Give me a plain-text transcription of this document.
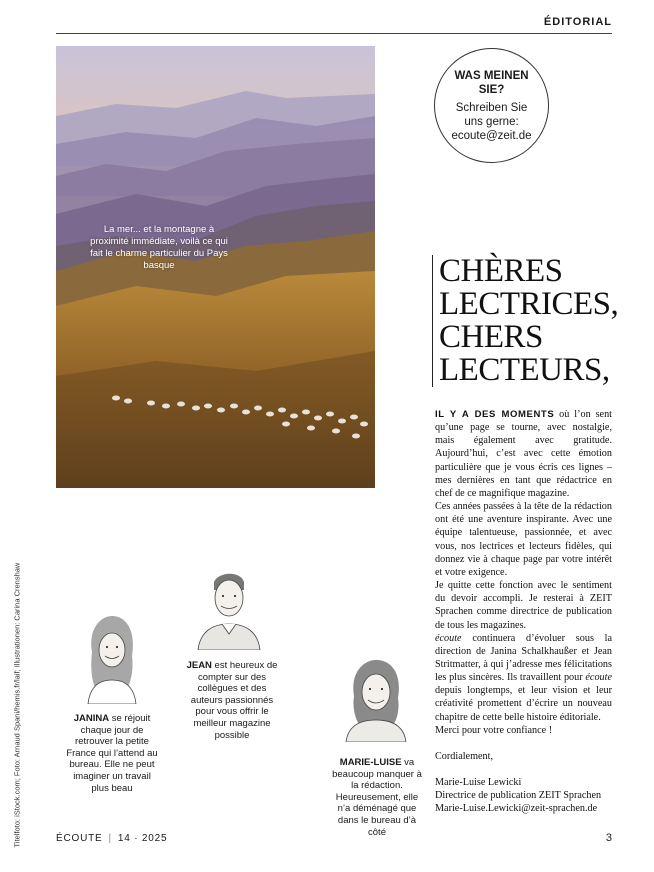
ÉDITORIAL
La mer... et la montagne à proximité immédiate, voilà ce qui fait le charme particulier du Pays basque
WAS MEINEN SIE?
Schreiben Sie
uns gerne:
ecoute@zeit.de
CHÈRES
LECTRICES,
CHERS
LECTEURS,

IL Y A DES MOMENTS où l’on sent qu’une page se tourne, avec nostalgie, mais également avec gratitude. Aujourd’hui, c’est avec cette émotion particulière que je vous écris ces lignes – mes dernières en tant que rédactrice en chef de ce magnifique magazine.

Ces années passées à la tête de la rédaction ont été une aventure inspirante. Avec une équipe talentueuse, passionnée, et avec vous, nos lectrices et lecteurs fidèles, qui donnez vie à chaque page par votre intérêt et votre exigence.

Je quitte cette fonction avec le sentiment du devoir accompli. Je resterai à ZEIT Sprachen comme directrice de publication de tous les magazines.

écoute continuera d’évoluer sous la direction de Janina Schalkhaußer et Jean Stritmatter, à qui j’adresse mes félicitations les plus sincères. Ils travaillent pour écoute depuis longtemps, et leur vision et leur créativité promettent d’écrire un nouveau chapitre de cette belle histoire éditoriale.

Merci pour votre confiance !

Cordialement,

Marie-Luise Lewicki

Directrice de publication ZEIT Sprachen

Marie-Luise.Lewicki@zeit-sprachen.de

JANINA se réjouit chaque jour de retrouver la petite France qui l’attend au bureau. Elle ne peut imaginer un travail plus beau
JEAN est heureux de compter sur des collègues et des auteurs passionnés pour vous offrir le meilleur magazine possible
MARIE-LUISE va beaucoup manquer à la rédaction. Heureusement, elle n’a déménagé que dans le bureau d’à côté
Titelfoto: iStock.com; Foto: Arnaud Spani/hemis.fr/laif; Illustrationen: Carina Crenshaw	ÉCOUTE | 14 · 2025	3
